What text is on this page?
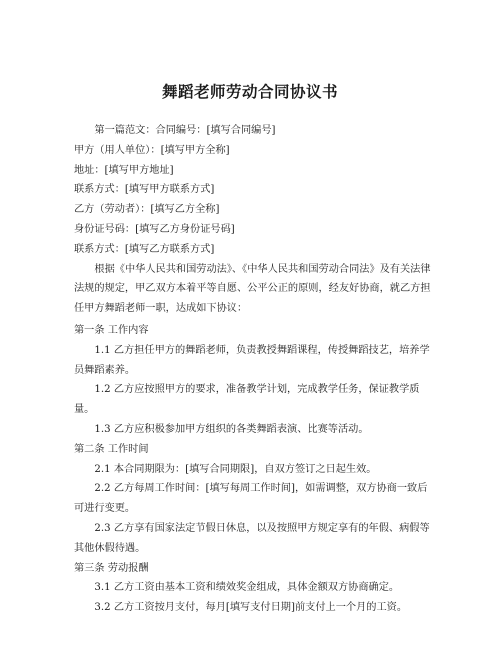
舞蹈老师劳动合同协议书
第一篇范文：合同编号：[填写合同编号]
甲方（用人单位）：[填写甲方全称]
地址：[填写甲方地址]
联系方式：[填写甲方联系方式]
乙方（劳动者）：[填写乙方全称]
身份证号码：[填写乙方身份证号码]
联系方式：[填写乙方联系方式]
根据《中华人民共和国劳动法》、《中华人民共和国劳动合同法》及有关法律法规的规定，甲乙双方本着平等自愿、公平公正的原则，经友好协商，就乙方担任甲方舞蹈老师一职，达成如下协议：
第一条 工作内容
1.1 乙方担任甲方的舞蹈老师，负责教授舞蹈课程，传授舞蹈技艺，培养学员舞蹈素养。
1.2 乙方应按照甲方的要求，准备教学计划，完成教学任务，保证教学质量。
1.3 乙方应积极参加甲方组织的各类舞蹈表演、比赛等活动。
第二条 工作时间
2.1 本合同期限为：[填写合同期限]，自双方签订之日起生效。
2.2 乙方每周工作时间：[填写每周工作时间]，如需调整，双方协商一致后可进行变更。
2.3 乙方享有国家法定节假日休息，以及按照甲方规定享有的年假、病假等其他休假待遇。
第三条 劳动报酬
3.1 乙方工资由基本工资和绩效奖金组成，具体金额双方协商确定。
3.2 乙方工资按月支付，每月[填写支付日期]前支付上一个月的工资。
